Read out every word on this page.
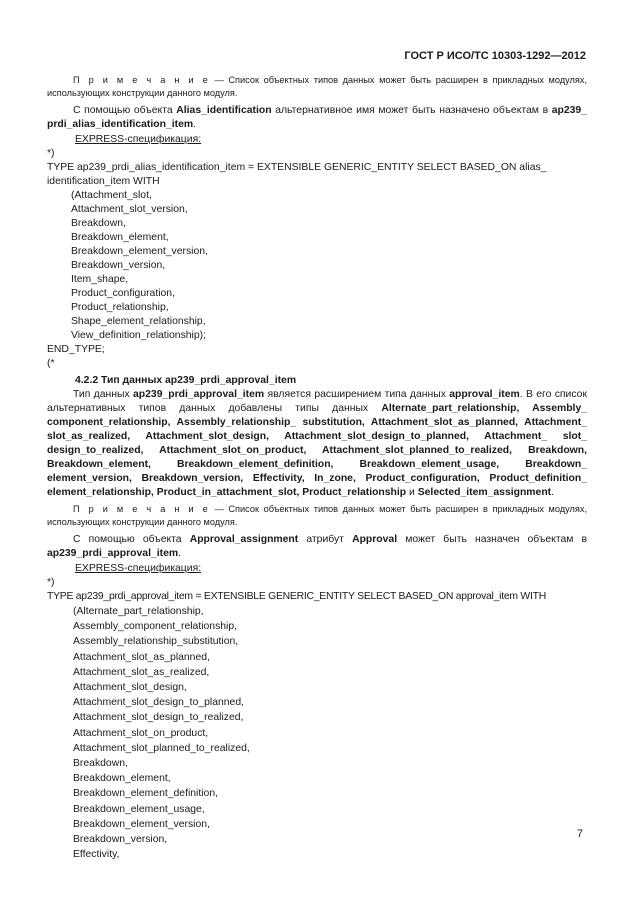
ГОСТ Р ИСО/ТС 10303-1292—2012

П р и м е ч а н и е — Список объектных типов данных может быть расширен в прикладных модулях, использующих конструкции данного модуля.

С помощью объекта Alias_identification альтернативное имя может быть назначено объектам в ap239_ prdi_alias_identification_item.

EXPRESS-спецификация:

*)

TYPE ap239_prdi_alias_identification_item = EXTENSIBLE GENERIC_ENTITY SELECT BASED_ON alias_ identification_item WITH

(Attachment_slot,
Attachment_slot_version,
Breakdown,
Breakdown_element,
Breakdown_element_version,
Breakdown_version,
Item_shape,
Product_configuration,
Product_relationship,
Shape_element_relationship,
View_definition_relationship);

END_TYPE;

(*

4.2.2 Тип данных ap239_prdi_approval_item

Тип данных ap239_prdi_approval_item является расширением типа данных approval_item. В его список альтернативных типов данных добавлены типы данных Alternate_part_relationship, Assembly_ component_relationship, Assembly_relationship_ substitution, Attachment_slot_as_planned, Attachment_ slot_as_realized, Attachment_slot_design, Attachment_slot_design_to_planned, Attachment_ slot_ design_to_realized, Attachment_slot_on_product, Attachment_slot_planned_to_realized, Breakdown, Breakdown_element, Breakdown_element_definition, Breakdown_element_usage, Breakdown_ element_version, Breakdown_version, Effectivity, In_zone, Product_configuration, Product_definition_ element_relationship, Product_in_attachment_slot, Product_relationship и Selected_item_assignment.

П р и м е ч а н и е — Список объектных типов данных может быть расширен в прикладных модулях, использующих конструкции данного модуля.

С помощью объекта Approval_assignment атрибут Approval может быть назначен объектам в ap239_prdi_approval_item.

EXPRESS-спецификация:

*)

TYPE ap239_prdi_approval_item = EXTENSIBLE GENERIC_ENTITY SELECT BASED_ON approval_item WITH

(Alternate_part_relationship,
Assembly_component_relationship,
Assembly_relationship_substitution,
Attachment_slot_as_planned,
Attachment_slot_as_realized,
Attachment_slot_design,
Attachment_slot_design_to_planned,
Attachment_slot_design_to_realized,
Attachment_slot_on_product,
Attachment_slot_planned_to_realized,
Breakdown,
Breakdown_element,
Breakdown_element_definition,
Breakdown_element_usage,
Breakdown_element_version,
Breakdown_version,
Effectivity,
7
